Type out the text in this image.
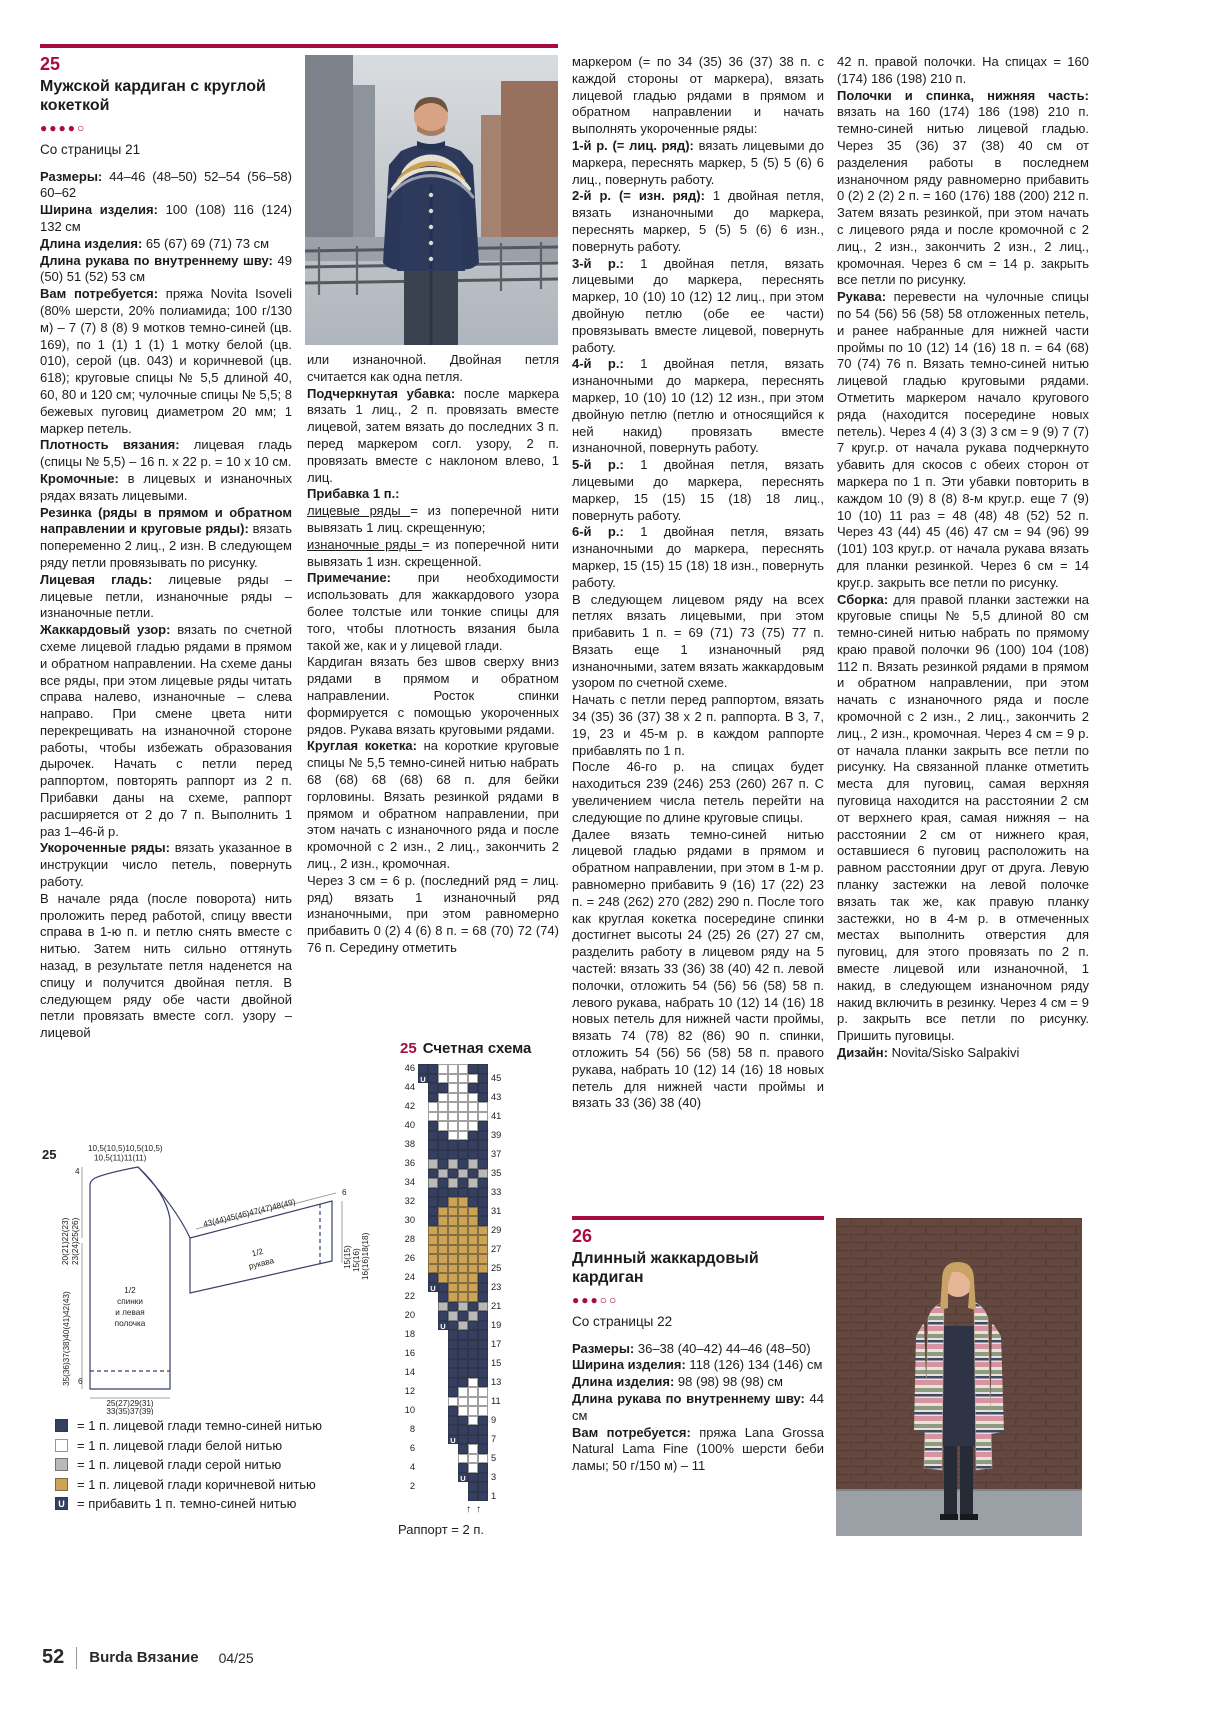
25
Мужской кардиган с круглой кокеткой
●●●●○
Со страницы 21

Размеры: 44–46 (48–50) 52–54 (56–58) 60–62

Ширина изделия: 100 (108) 116 (124) 132 см

Длина изделия: 65 (67) 69 (71) 73 см

Длина рукава по внутреннему шву: 49 (50) 51 (52) 53 см

Вам потребуется: пряжа Novita Isoveli (80% шерсти, 20% полиамида; 100 г/130 м) – 7 (7) 8 (8) 9 мотков темно-синей (цв. 169), по 1 (1) 1 (1) 1 мотку белой (цв. 010), серой (цв. 043) и коричневой (цв. 618); круговые спицы № 5,5 длиной 40, 60, 80 и 120 см; чулочные спицы № 5,5; 8 бежевых пуговиц диаметром 20 мм; 1 маркер петель.

Плотность вязания: лицевая гладь (спицы № 5,5) – 16 п. x 22 р. = 10 x 10 см.

Кромочные: в лицевых и изнаночных рядах вязать лицевыми.

Резинка (ряды в прямом и обратном направлении и круговые ряды): вязать попеременно 2 лиц., 2 изн. В следующем ряду петли провязывать по рисунку.

Лицевая гладь: лицевые ряды – лицевые петли, изнаночные ряды – изнаночные петли.

Жаккардовый узор: вязать по счетной схеме лицевой гладью рядами в прямом и обратном направлении. На схеме даны все ряды, при этом лицевые ряды читать справа налево, изнаночные – слева направо. При смене цвета нити перекрещивать на изнаночной стороне работы, чтобы избежать образования дырочек. Начать с петли перед раппортом, повторять раппорт из 2 п. Прибавки даны на схеме, раппорт расширяется от 2 до 7 п. Выполнить 1 раз 1–46-й р.

Укороченные ряды: вязать указанное в инструкции число петель, повернуть работу.

В начале ряда (после поворота) нить проложить перед работой, спицу ввести справа в 1-ю п. и петлю снять вместе с нитью. Затем нить сильно оттянуть назад, в результате петля наденется на спицу и получится двойная петля. В следующем ряду обе части двойной петли провязать вместе согл. узору – лицевой

или изнаночной. Двойная петля считается как одна петля.

Подчеркнутая убавка: после маркера вязать 1 лиц., 2 п. провязать вместе лицевой, затем вязать до последних 3 п. перед маркером согл. узору, 2 п. провязать вместе с наклоном влево, 1 лиц.

Прибавка 1 п.:

лицевые ряды = из поперечной нити вывязать 1 лиц. скрещенную;

изнаночные ряды = из поперечной нити вывязать 1 изн. скрещенной.

Примечание: при необходимости использовать для жаккардового узора более толстые или тонкие спицы для того, чтобы плотность вязания была такой же, как и у лицевой глади.

Кардиган вязать без швов сверху вниз рядами в прямом и обратном направлении. Росток спинки формируется с помощью укороченных рядов. Рукава вязать круговыми рядами.

Круглая кокетка: на короткие круговые спицы № 5,5 темно-синей нитью набрать 68 (68) 68 (68) 68 п. для бейки горловины. Вязать резинкой рядами в прямом и обратном направлении, при этом начать с изнаночного ряда и после кромочной с 2 изн., 2 лиц., закончить 2 лиц., 2 изн., кромочная.

Через 3 см = 6 р. (последний ряд = лиц. ряд) вязать 1 изнаночный ряд изнаночными, при этом равномерно прибавить 0 (2) 4 (6) 8 п. = 68 (70) 72 (74) 76 п. Середину отметить

маркером (= по 34 (35) 36 (37) 38 п. с каждой стороны от маркера), вязать лицевой гладью рядами в прямом и обратном направлении и начать выполнять укороченные ряды:

1-й р. (= лиц. ряд): вязать лицевыми до маркера, переснять маркер, 5 (5) 5 (6) 6 лиц., повернуть работу.

2-й р. (= изн. ряд): 1 двойная петля, вязать изнаночными до маркера, переснять маркер, 5 (5) 5 (6) 6 изн., повернуть работу.

3-й р.: 1 двойная петля, вязать лицевыми до маркера, переснять маркер, 10 (10) 10 (12) 12 лиц., при этом двойную петлю (обе ее части) провязывать вместе лицевой, повернуть работу.

4-й р.: 1 двойная петля, вязать изнаночными до маркера, переснять маркер, 10 (10) 10 (12) 12 изн., при этом двойную петлю (петлю и относящийся к ней накид) провязать вместе изнаночной, повернуть работу.

5-й р.: 1 двойная петля, вязать лицевыми до маркера, переснять маркер, 15 (15) 15 (18) 18 лиц., повернуть работу.

6-й р.: 1 двойная петля, вязать изнаночными до маркера, переснять маркер, 15 (15) 15 (18) 18 изн., повернуть работу.

В следующем лицевом ряду на всех петлях вязать лицевыми, при этом прибавить 1 п. = 69 (71) 73 (75) 77 п. Вязать еще 1 изнаночный ряд изнаночными, затем вязать жаккардовым узором по счетной схеме.

Начать с петли перед раппортом, вязать 34 (35) 36 (37) 38 x 2 п. раппорта. В 3, 7, 19, 23 и 45-м р. в каждом раппорте прибавлять по 1 п.

После 46-го р. на спицах будет находиться 239 (246) 253 (260) 267 п. С увеличением числа петель перейти на следующие по длине круговые спицы.

Далее вязать темно-синей нитью лицевой гладью рядами в прямом и обратном направлении, при этом в 1-м р. равномерно прибавить 9 (16) 17 (22) 23 п. = 248 (262) 270 (282) 290 п. После того как круглая кокетка посередине спинки достигнет высоты 24 (25) 26 (27) 27 см, разделить работу в лицевом ряду на 5 частей: вязать 33 (36) 38 (40) 42 п. левой полочки, отложить 54 (56) 56 (58) 58 п. левого рукава, набрать 10 (12) 14 (16) 18 новых петель для нижней части проймы, вязать 74 (78) 82 (86) 90 п. спинки, отложить 54 (56) 56 (58) 58 п. правого рукава, набрать 10 (12) 14 (16) 18 новых петель для нижней части проймы и вязать 33 (36) 38 (40)

42 п. правой полочки. На спицах = 160 (174) 186 (198) 210 п.

Полочки и спинка, нижняя часть: вязать на 160 (174) 186 (198) 210 п. темно-синей нитью лицевой гладью. Через 35 (36) 37 (38) 40 см от разделения работы в последнем изнаночном ряду равномерно прибавить 0 (2) 2 (2) 2 п. = 160 (176) 188 (200) 212 п. Затем вязать резинкой, при этом начать с лицевого ряда и после кромочной с 2 лиц., 2 изн., закончить 2 изн., 2 лиц., кромочная. Через 6 см = 14 р. закрыть все петли по рисунку.

Рукава: перевести на чулочные спицы по 54 (56) 56 (58) 58 отложенных петель, и ранее набранные для нижней части проймы по 10 (12) 14 (16) 18 п. = 64 (68) 70 (74) 76 п. Вязать темно-синей нитью лицевой гладью круговыми рядами. Отметить маркером начало кругового ряда (находится посередине новых петель). Через 4 (4) 3 (3) 3 см = 9 (9) 7 (7) 7 круг.р. от начала рукава подчеркнуто убавить для скосов с обеих сторон от маркера по 1 п. Эти убавки повторить в каждом 10 (9) 8 (8) 8-м круг.р. еще 7 (9) 10 (10) 11 раз = 48 (48) 48 (52) 52 п. Через 43 (44) 45 (46) 47 см = 94 (96) 99 (101) 103 круг.р. от начала рукава вязать для планки резинкой. Через 6 см = 14 круг.р. закрыть все петли по рисунку.

Сборка: для правой планки застежки на круговые спицы № 5,5 длиной 80 см темно-синей нитью набрать по прямому краю правой полочки 96 (100) 104 (108) 112 п. Вязать резинкой рядами в прямом и обратном направлении, при этом начать с изнаночного ряда и после кромочной с 2 изн., 2 лиц., закончить 2 лиц., 2 изн., кромочная. Через 4 см = 9 р. от начала планки закрыть все петли по рисунку. На связанной планке отметить места для пуговиц, самая верхняя пуговица находится на расстоянии 2 см от верхнего края, самая нижняя – на расстоянии 2 см от нижнего края, оставшиеся 6 пуговиц расположить на равном расстоянии друг от друга. Левую планку застежки на левой полочке вязать так же, как правую планку застежки, но в 4-м р. в отмеченных местах выполнить отверстия для пуговиц, для этого провязать по 2 п. вместе лицевой или изнаночной, 1 накид, в следующем изнаночном ряду накид включить в резинку. Через 4 см = 9 р. закрыть все петли по рисунку. Пришить пуговицы.

Дизайн: Novita/Sisko Salpakivi

25	10,5(10,5)10,5(10,5)
10,5(11)11(11)
4
20(21)22(23) 23(24)25(26)
35(36)37(38)40(41)42(43) 6
25(27)29(31)
33(35)37(39)
1/2
спинки
и левая
полочка
43(44)45(46)47(47)48(49)
6
1/2
рукава	15(15) 15(16) 16(16)18(18)
25 Счетная схема
46
U	45
44
43
42
41
40
39
38
37
36
35
34
33
32
31
30
29
28
27
26
25
24
U	23
22
21
20
U	19
18
17
16
15
14
13
12
11
10
9
8
U	7
6
5
4
U	3
2
1
↑↑
Раппорт = 2 п.
= 1 п. лицевой глади темно-синей нитью
= 1 п. лицевой глади белой нитью
= 1 п. лицевой глади серой нитью
= 1 п. лицевой глади коричневой нитью
U = прибавить 1 п. темно-синей нитью
26
Длинный жаккардовый кардиган
●●●○○
Со страницы 22

Размеры: 36–38 (40–42) 44–46 (48–50)

Ширина изделия: 118 (126) 134 (146) см

Длина изделия: 98 (98) 98 (98) см

Длина рукава по внутреннему шву: 44 см

Вам потребуется: пряжа Lana Grossa Natural Lama Fine (100% шерсти беби ламы; 50 г/150 м) – 11

52 Burda Вязание 04/25
